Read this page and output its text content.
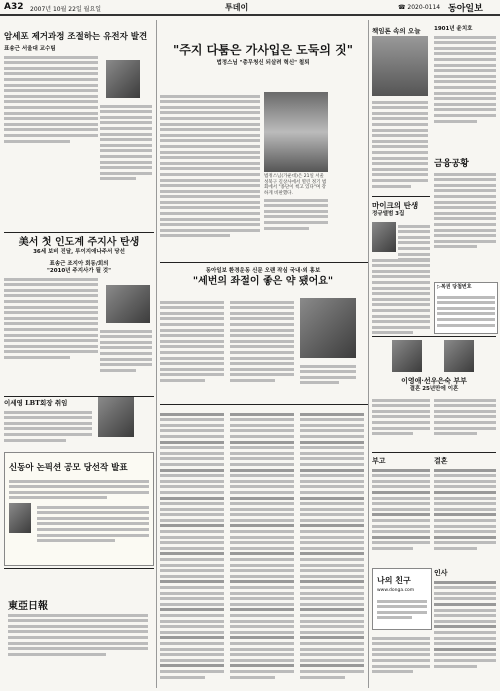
A32 2007년 10월 22일 월요일	투데이	☎ 2020-0114 동아일보
암세포 제거과정 조절하는 유전자 발견
표송근 서울대 교수팀
美서 첫 인도계 주지사 탄생
36세 보비 진달, 루이지애나주서 당선
표송근 조지아 회동/회의
"2010년 주지사가 될 것"
이세영 LBT회장 취임
신동아 논픽션 공모 당선작 발표
東亞日報
"주지 다툼은 가사입은 도둑의 짓"
법정스님 "총무청신 되살려 혁신" 철퇴
법정스님(가운데)은 21일 서울 성북구 길상사에서 열린 정기 법회에서 "종단이 썩고 있다"며 강하게 비판했다.
동아일보 환경운동 신문 오랜 작심 국내·외 홍보
"세번의 좌절이 좋은 약 됐어요"
책임론 속의 오늘	1901년 윤치호
금융공황
마이크의 탄생
정규앨범 3집
▷복권 당첨번호
이영애·선우은숙 부부
결혼 25년만에 이혼
부고	결혼
나의 친구
www.donga.com
인사
